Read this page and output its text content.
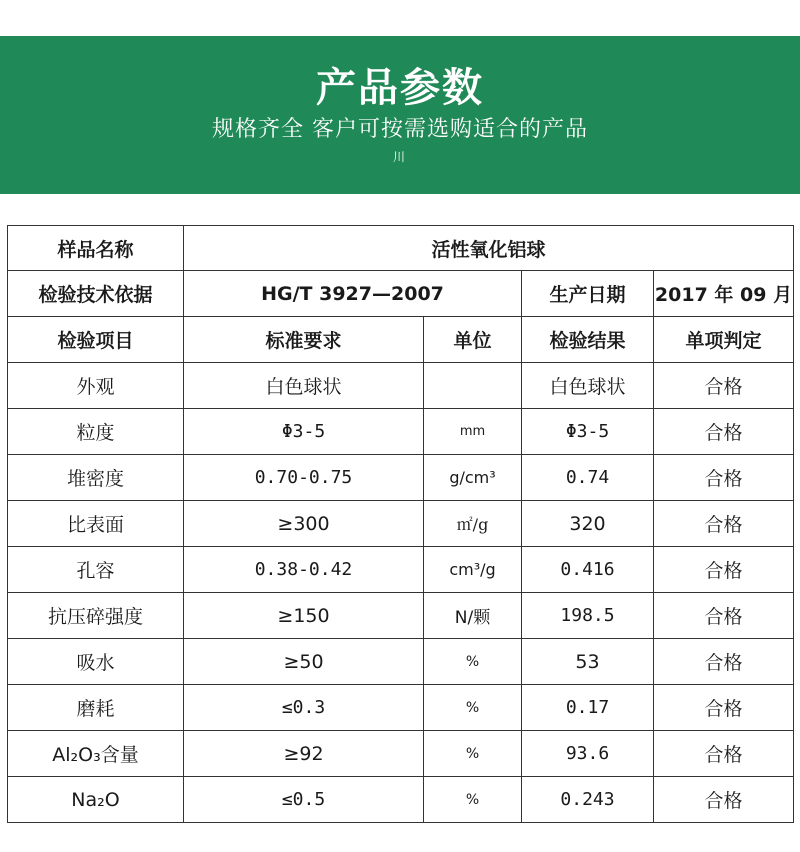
产品参数
规格齐全 客户可按需选购适合的产品
川
样品名称	活性氧化铝球			
检验技术依据	HG/T 3927—2007		生产日期	2017 年 09 月
检验项目	标准要求	单位	检验结果	单项判定
外观	白色球状		白色球状	合格
粒度	Φ3-5	mm	Φ3-5	合格
堆密度	0.70-0.75	g/cm³	0.74	合格
比表面	≥300	㎡/g	320	合格
孔容	0.38-0.42	cm³/g	0.416	合格
抗压碎强度	≥150	N/颗	198.5	合格
吸水	≥50	%	53	合格
磨耗	≤0.3	%	0.17	合格
Al₂O₃含量	≥92	%	93.6	合格
Na₂O	≤0.5	%	0.243	合格
